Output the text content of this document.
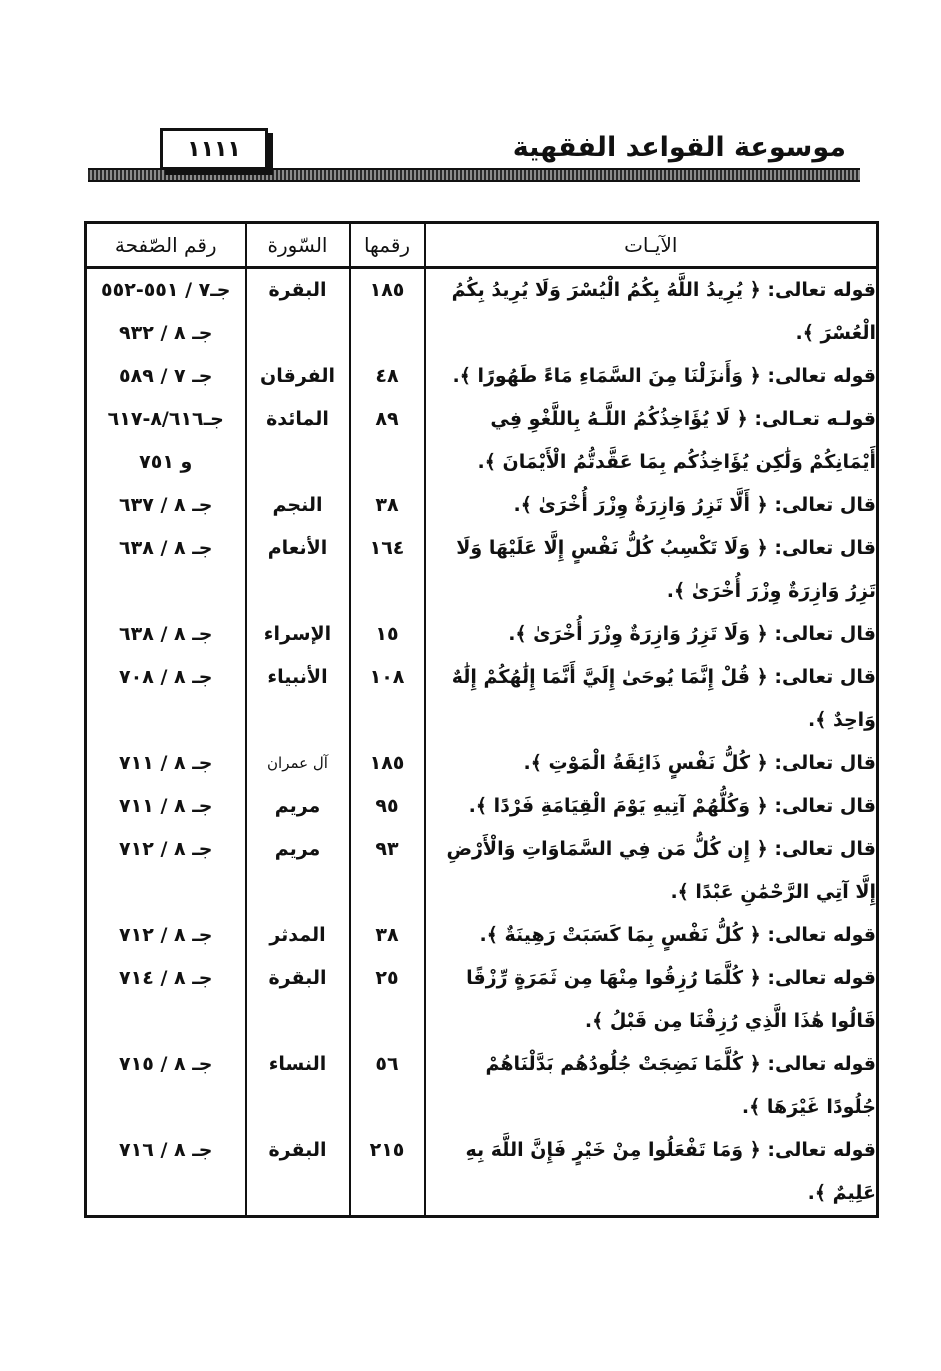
١١١١	موسوعة القواعد الفقهية
الآيـات	رقمها	السّورة	رقم الصّفحة
قوله تعالى: ﴿ يُرِيدُ اللَّهُ بِكُمُ الْيُسْرَ وَلَا يُرِيدُ بِكُمُ	١٨٥	البقرة	جـ٧ / ٥٥١-٥٥٢
الْعُسْرَ ﴾.			جـ ٨ / ٩٣٢
قوله تعالى: ﴿ وَأَنزَلْنَا مِنَ السَّمَاءِ مَاءً طَهُورًا ﴾.	٤٨	الفرقان	جـ ٧ / ٥٨٩
قولـه تعـالى: ﴿ لَا يُؤَاخِذُكُمُ اللَّـهُ بِاللَّغْوِ فِي	٨٩	المائدة	جـ٨/٦١٦-٦١٧
أَيْمَانِكُمْ وَلَٰكِن يُؤَاخِذُكُم بِمَا عَقَّدتُّمُ الْأَيْمَانَ ﴾.			و ٧٥١
قال تعالى: ﴿ أَلَّا تَزِرُ وَازِرَةٌ وِزْرَ أُخْرَىٰ ﴾.	٣٨	النجم	جـ ٨ / ٦٣٧
قال تعالى: ﴿ وَلَا تَكْسِبُ كُلُّ نَفْسٍ إِلَّا عَلَيْهَا وَلَا	١٦٤	الأنعام	جـ ٨ / ٦٣٨
تَزِرُ وَازِرَةٌ وِزْرَ أُخْرَىٰ ﴾.			
قال تعالى: ﴿ وَلَا تَزِرُ وَازِرَةٌ وِزْرَ أُخْرَىٰ ﴾.	١٥	الإسراء	جـ ٨ / ٦٣٨
قال تعالى: ﴿ قُلْ إِنَّمَا يُوحَىٰ إِلَيَّ أَنَّمَا إِلَٰهُكُمْ إِلَٰهٌ	١٠٨	الأنبياء	جـ ٨ / ٧٠٨
وَاحِدٌ ﴾.			
قال تعالى: ﴿ كُلُّ نَفْسٍ ذَائِقَةُ الْمَوْتِ ﴾.	١٨٥	آل عمران	جـ ٨ / ٧١١
قال تعالى: ﴿ وَكُلُّهُمْ آتِيهِ يَوْمَ الْقِيَامَةِ فَرْدًا ﴾.	٩٥	مريم	جـ ٨ / ٧١١
قال تعالى: ﴿ إِن كُلُّ مَن فِي السَّمَاوَاتِ وَالْأَرْضِ	٩٣	مريم	جـ ٨ / ٧١٢
إِلَّا آتِي الرَّحْمَٰنِ عَبْدًا ﴾.			
قوله تعالى: ﴿ كُلُّ نَفْسٍ بِمَا كَسَبَتْ رَهِينَةٌ ﴾.	٣٨	المدثر	جـ ٨ / ٧١٢
قوله تعالى: ﴿ كُلَّمَا رُزِقُوا مِنْهَا مِن ثَمَرَةٍ رِّزْقًا	٢٥	البقرة	جـ ٨ / ٧١٤
قَالُوا هَٰذَا الَّذِي رُزِقْنَا مِن قَبْلُ ﴾.			
قوله تعالى: ﴿ كُلَّمَا نَضِجَتْ جُلُودُهُم بَدَّلْنَاهُمْ	٥٦	النساء	جـ ٨ / ٧١٥
جُلُودًا غَيْرَهَا ﴾.			
قوله تعالى: ﴿ وَمَا تَفْعَلُوا مِنْ خَيْرٍ فَإِنَّ اللَّهَ بِهِ	٢١٥	البقرة	جـ ٨ / ٧١٦
عَلِيمٌ ﴾.			
